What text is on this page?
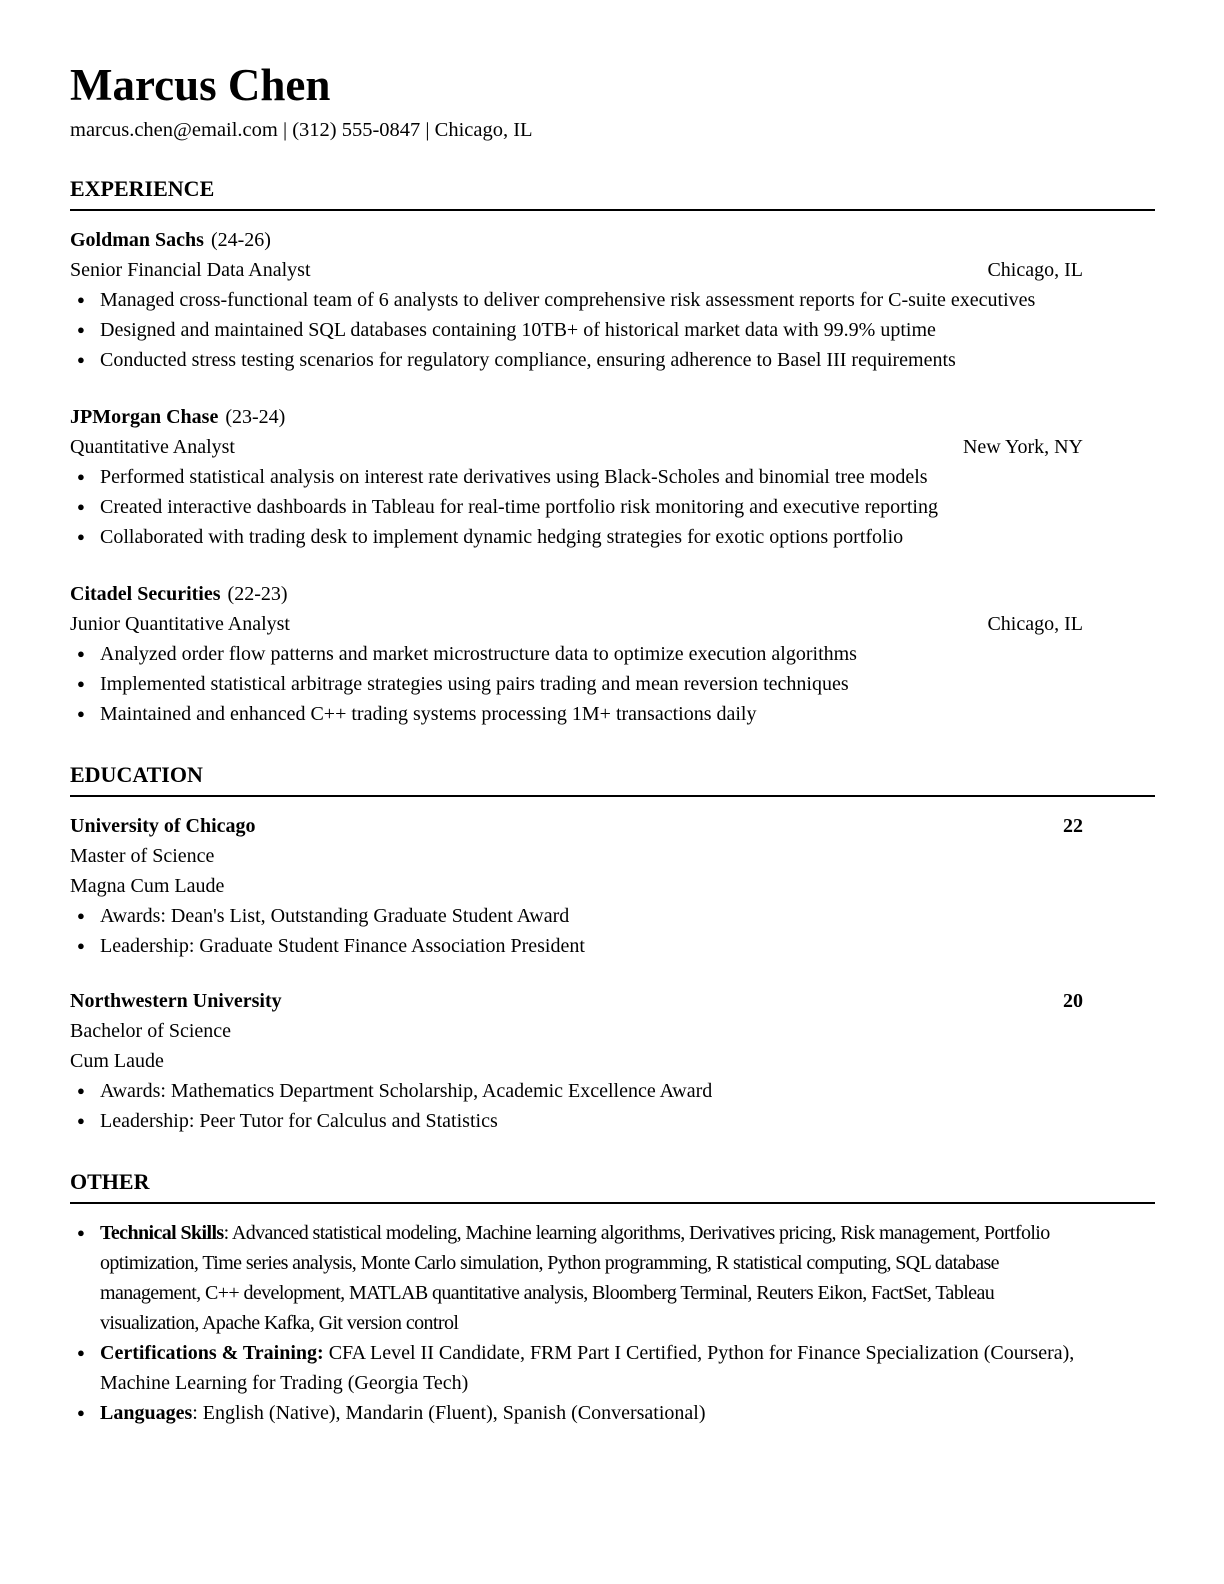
Marcus Chen
marcus.chen@email.com | (312) 555-0847 | Chicago, IL
EXPERIENCE
Goldman Sachs (24-26)
Senior Financial Data Analyst	Chicago, IL
● Managed cross-functional team of 6 analysts to deliver comprehensive risk assessment reports for C-suite executives
● Designed and maintained SQL databases containing 10TB+ of historical market data with 99.9% uptime
● Conducted stress testing scenarios for regulatory compliance, ensuring adherence to Basel III requirements
JPMorgan Chase (23-24)
Quantitative Analyst	New York, NY
● Performed statistical analysis on interest rate derivatives using Black-Scholes and binomial tree models
● Created interactive dashboards in Tableau for real-time portfolio risk monitoring and executive reporting
● Collaborated with trading desk to implement dynamic hedging strategies for exotic options portfolio
Citadel Securities (22-23)
Junior Quantitative Analyst	Chicago, IL
● Analyzed order flow patterns and market microstructure data to optimize execution algorithms
● Implemented statistical arbitrage strategies using pairs trading and mean reversion techniques
● Maintained and enhanced C++ trading systems processing 1M+ transactions daily
EDUCATION
University of Chicago	22
Master of Science
Magna Cum Laude
● Awards: Dean's List, Outstanding Graduate Student Award
● Leadership: Graduate Student Finance Association President
Northwestern University	20
Bachelor of Science
Cum Laude
● Awards: Mathematics Department Scholarship, Academic Excellence Award
● Leadership: Peer Tutor for Calculus and Statistics
OTHER
● Technical Skills: Advanced statistical modeling, Machine learning algorithms, Derivatives pricing, Risk management, Portfolio optimization, Time series analysis, Monte Carlo simulation, Python programming, R statistical computing, SQL database management, C++ development, MATLAB quantitative analysis, Bloomberg Terminal, Reuters Eikon, FactSet, Tableau visualization, Apache Kafka, Git version control
● Certifications & Training: CFA Level II Candidate, FRM Part I Certified, Python for Finance Specialization (Coursera), Machine Learning for Trading (Georgia Tech)
● Languages: English (Native), Mandarin (Fluent), Spanish (Conversational)
